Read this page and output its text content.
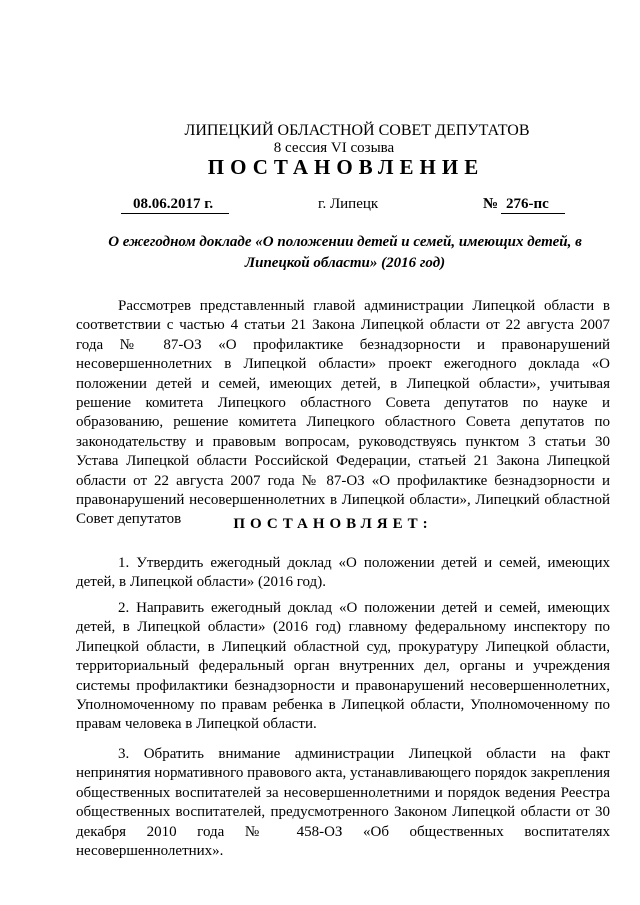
ЛИПЕЦКИЙ ОБЛАСТНОЙ СОВЕТ ДЕПУТАТОВ
8 сессия VI созыва
ПОСТАНОВЛЕНИЕ
08.06.2017 г.	г. Липецк	№ 276-пс
О ежегодном докладе «О положении детей и семей, имеющих детей, в Липецкой области» (2016 год)
Рассмотрев представленный главой администрации Липецкой области в соответствии с частью 4 статьи 21 Закона Липецкой области от 22 августа 2007 года № 87-ОЗ «О профилактике безнадзорности и правонарушений несовершеннолетних в Липецкой области» проект ежегодного доклада «О положении детей и семей, имеющих детей, в Липецкой области», учитывая решение комитета Липецкого областного Совета депутатов по науке и образованию, решение комитета Липецкого областного Совета депутатов по законодательству и правовым вопросам, руководствуясь пунктом 3 статьи 30 Устава Липецкой области Российской Федерации, статьей 21 Закона Липецкой области от 22 августа 2007 года № 87-ОЗ «О профилактике безнадзорности и правонарушений несовершеннолетних в Липецкой области», Липецкий областной Совет депутатов	ПОСТАНОВЛЯЕТ:
1. Утвердить ежегодный доклад «О положении детей и семей, имеющих детей, в Липецкой области» (2016 год).
2. Направить ежегодный доклад «О положении детей и семей, имеющих детей, в Липецкой области» (2016 год) главному федеральному инспектору по Липецкой области, в Липецкий областной суд, прокуратуру Липецкой области, территориальный федеральный орган внутренних дел, органы и учреждения системы профилактики безнадзорности и правонарушений несовершеннолетних, Уполномоченному по правам ребенка в Липецкой области, Уполномоченному по правам человека в Липецкой области.
3. Обратить внимание администрации Липецкой области на факт непринятия нормативного правового акта, устанавливающего порядок закрепления общественных воспитателей за несовершеннолетними и порядок ведения Реестра общественных воспитателей, предусмотренного Законом Липецкой области от 30 декабря 2010 года № 458-ОЗ «Об общественных воспитателях несовершеннолетних».
